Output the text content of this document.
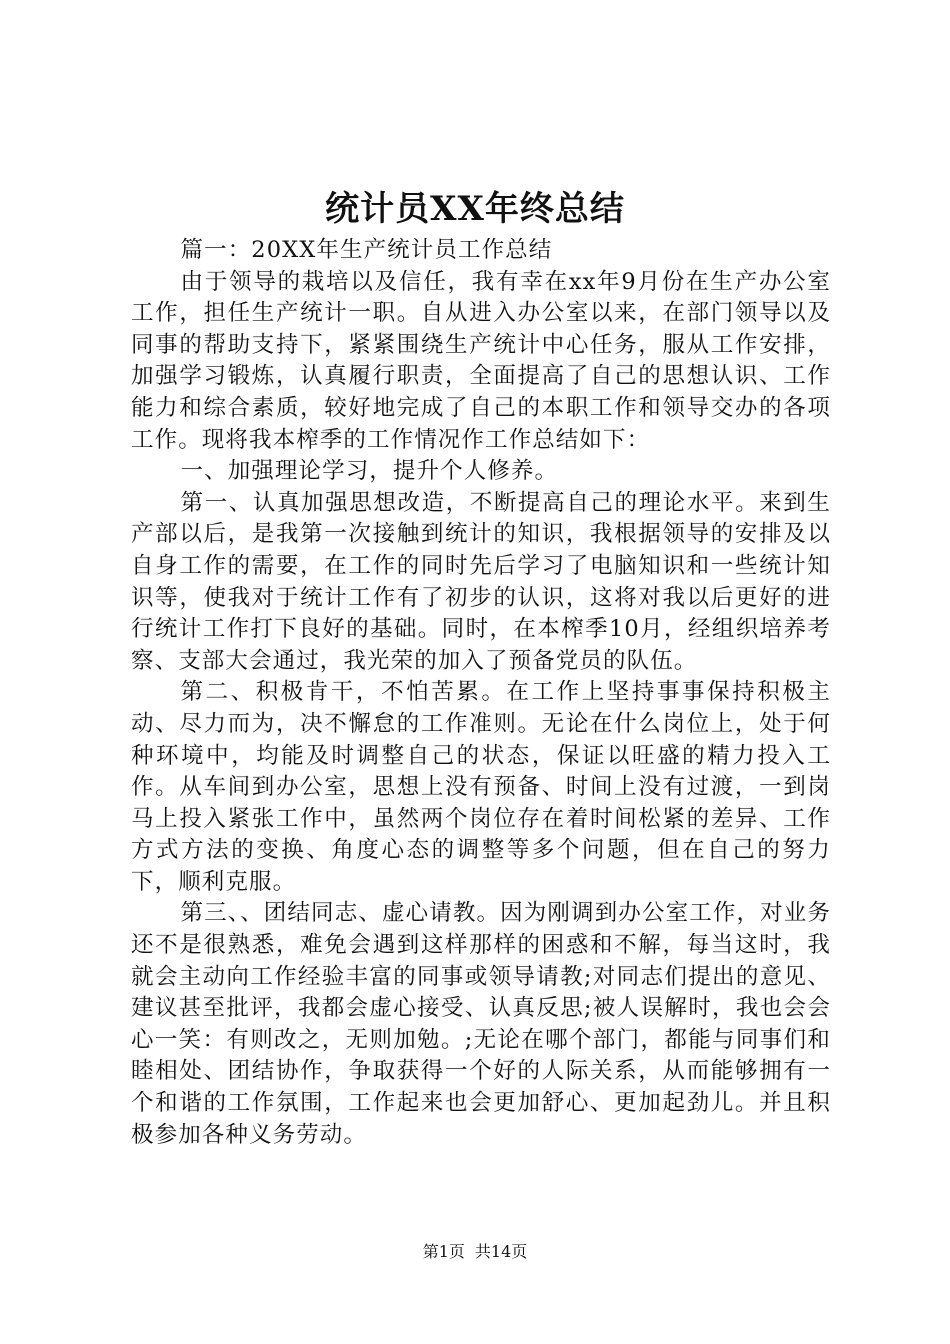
统计员XX年终总结

篇一：20XX年生产统计员工作总结

由于领导的栽培以及信任，我有幸在xx年9月份在生产办公室工作，担任生产统计一职。自从进入办公室以来，在部门领导以及同事的帮助支持下，紧紧围绕生产统计中心任务，服从工作安排，加强学习锻炼，认真履行职责，全面提高了自己的思想认识、工作能力和综合素质，较好地完成了自己的本职工作和领导交办的各项工作。现将我本榨季的工作情况作工作总结如下：

一、加强理论学习，提升个人修养。

第一、认真加强思想改造，不断提高自己的理论水平。来到生产部以后，是我第一次接触到统计的知识，我根据领导的安排及以自身工作的需要，在工作的同时先后学习了电脑知识和一些统计知识等，使我对于统计工作有了初步的认识，这将对我以后更好的进行统计工作打下良好的基础。同时，在本榨季10月，经组织培养考察、支部大会通过，我光荣的加入了预备党员的队伍。

第二、积极肯干，不怕苦累。在工作上坚持事事保持积极主动、尽力而为，决不懈怠的工作准则。无论在什么岗位上，处于何种环境中，均能及时调整自己的状态，保证以旺盛的精力投入工作。从车间到办公室，思想上没有预备、时间上没有过渡，一到岗马上投入紧张工作中，虽然两个岗位存在着时间松紧的差异、工作方式方法的变换、角度心态的调整等多个问题，但在自己的努力下，顺利克服。

第三、、团结同志、虚心请教。因为刚调到办公室工作，对业务还不是很熟悉，难免会遇到这样那样的困惑和不解，每当这时，我就会主动向工作经验丰富的同事或领导请教;对同志们提出的意见、建议甚至批评，我都会虚心接受、认真反思;被人误解时，我也会会心一笑：有则改之，无则加勉。;无论在哪个部门，都能与同事们和睦相处、团结协作，争取获得一个好的人际关系，从而能够拥有一个和谐的工作氛围，工作起来也会更加舒心、更加起劲儿。并且积极参加各种义务劳动。

第1页 共14页
